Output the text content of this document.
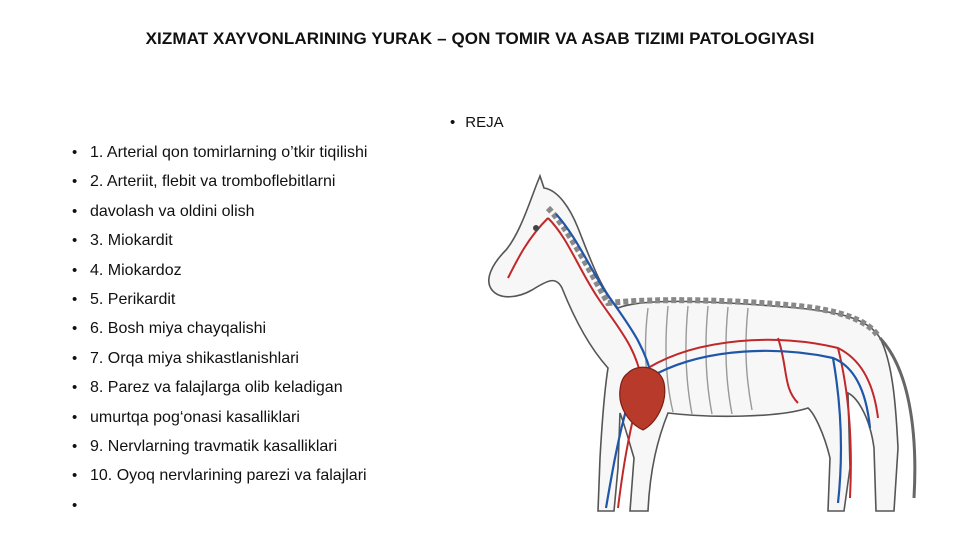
XIZMAT XAYVONLARINING YURAK – QON TOMIR VA ASAB TIZIMI PATOLOGIYASI
• REJA
• 1. Arterial qon tomirlarning o’tkir tiqilishi
• 2. Arteriit, flebit va tromboflebitlarni
• davolash va oldini olish
• 3. Miokardit
• 4. Miokardoz
• 5. Perikardit
• 6. Bosh miya chayqalishi
• 7. Orqa miya shikastlanishlari
• 8. Parez va falajlarga olib keladigan
• umurtqa pog‘onasi kasalliklari
• 9. Nervlarning travmatik kasalliklari
• 10. Oyoq nervlarining parezi va falajlari
•
